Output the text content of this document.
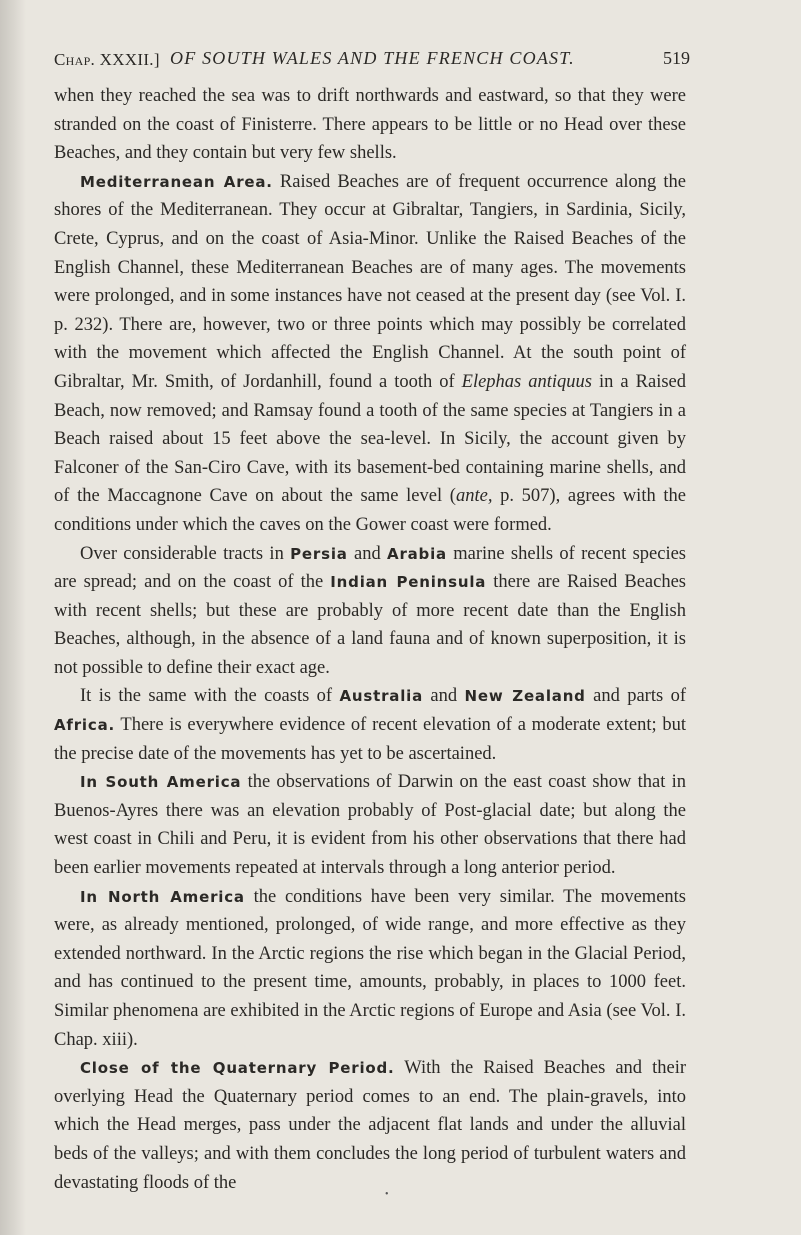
Chap. XXXII.] OF SOUTH WALES AND THE FRENCH COAST.	519

when they reached the sea was to drift northwards and eastward, so that they were stranded on the coast of Finisterre. There appears to be little or no Head over these Beaches, and they contain but very few shells.

Mediterranean Area. Raised Beaches are of frequent occurrence along the shores of the Mediterranean. They occur at Gibraltar, Tangiers, in Sardinia, Sicily, Crete, Cyprus, and on the coast of Asia-Minor. Unlike the Raised Beaches of the English Channel, these Mediterranean Beaches are of many ages. The movements were prolonged, and in some instances have not ceased at the present day (see Vol. I. p. 232). There are, however, two or three points which may possibly be correlated with the movement which affected the English Channel. At the south point of Gibraltar, Mr. Smith, of Jordanhill, found a tooth of Elephas antiquus in a Raised Beach, now removed; and Ramsay found a tooth of the same species at Tangiers in a Beach raised about 15 feet above the sea-level. In Sicily, the account given by Falconer of the San-Ciro Cave, with its basement-bed containing marine shells, and of the Maccagnone Cave on about the same level (ante, p. 507), agrees with the conditions under which the caves on the Gower coast were formed.

Over considerable tracts in Persia and Arabia marine shells of recent species are spread; and on the coast of the Indian Peninsula there are Raised Beaches with recent shells; but these are probably of more recent date than the English Beaches, although, in the absence of a land fauna and of known superposition, it is not possible to define their exact age.

It is the same with the coasts of Australia and New Zealand and parts of Africa. There is everywhere evidence of recent elevation of a moderate extent; but the precise date of the movements has yet to be ascertained.

In South America the observations of Darwin on the east coast show that in Buenos-Ayres there was an elevation probably of Post-glacial date; but along the west coast in Chili and Peru, it is evident from his other observations that there had been earlier movements repeated at intervals through a long anterior period.

In North America the conditions have been very similar. The movements were, as already mentioned, prolonged, of wide range, and more effective as they extended northward. In the Arctic regions the rise which began in the Glacial Period, and has continued to the present time, amounts, probably, in places to 1000 feet. Similar phenomena are exhibited in the Arctic regions of Europe and Asia (see Vol. I. Chap. xiii).

Close of the Quaternary Period. With the Raised Beaches and their overlying Head the Quaternary period comes to an end. The plain-gravels, into which the Head merges, pass under the adjacent flat lands and under the alluvial beds of the valleys; and with them concludes the long period of turbulent waters and devastating floods of the

•
